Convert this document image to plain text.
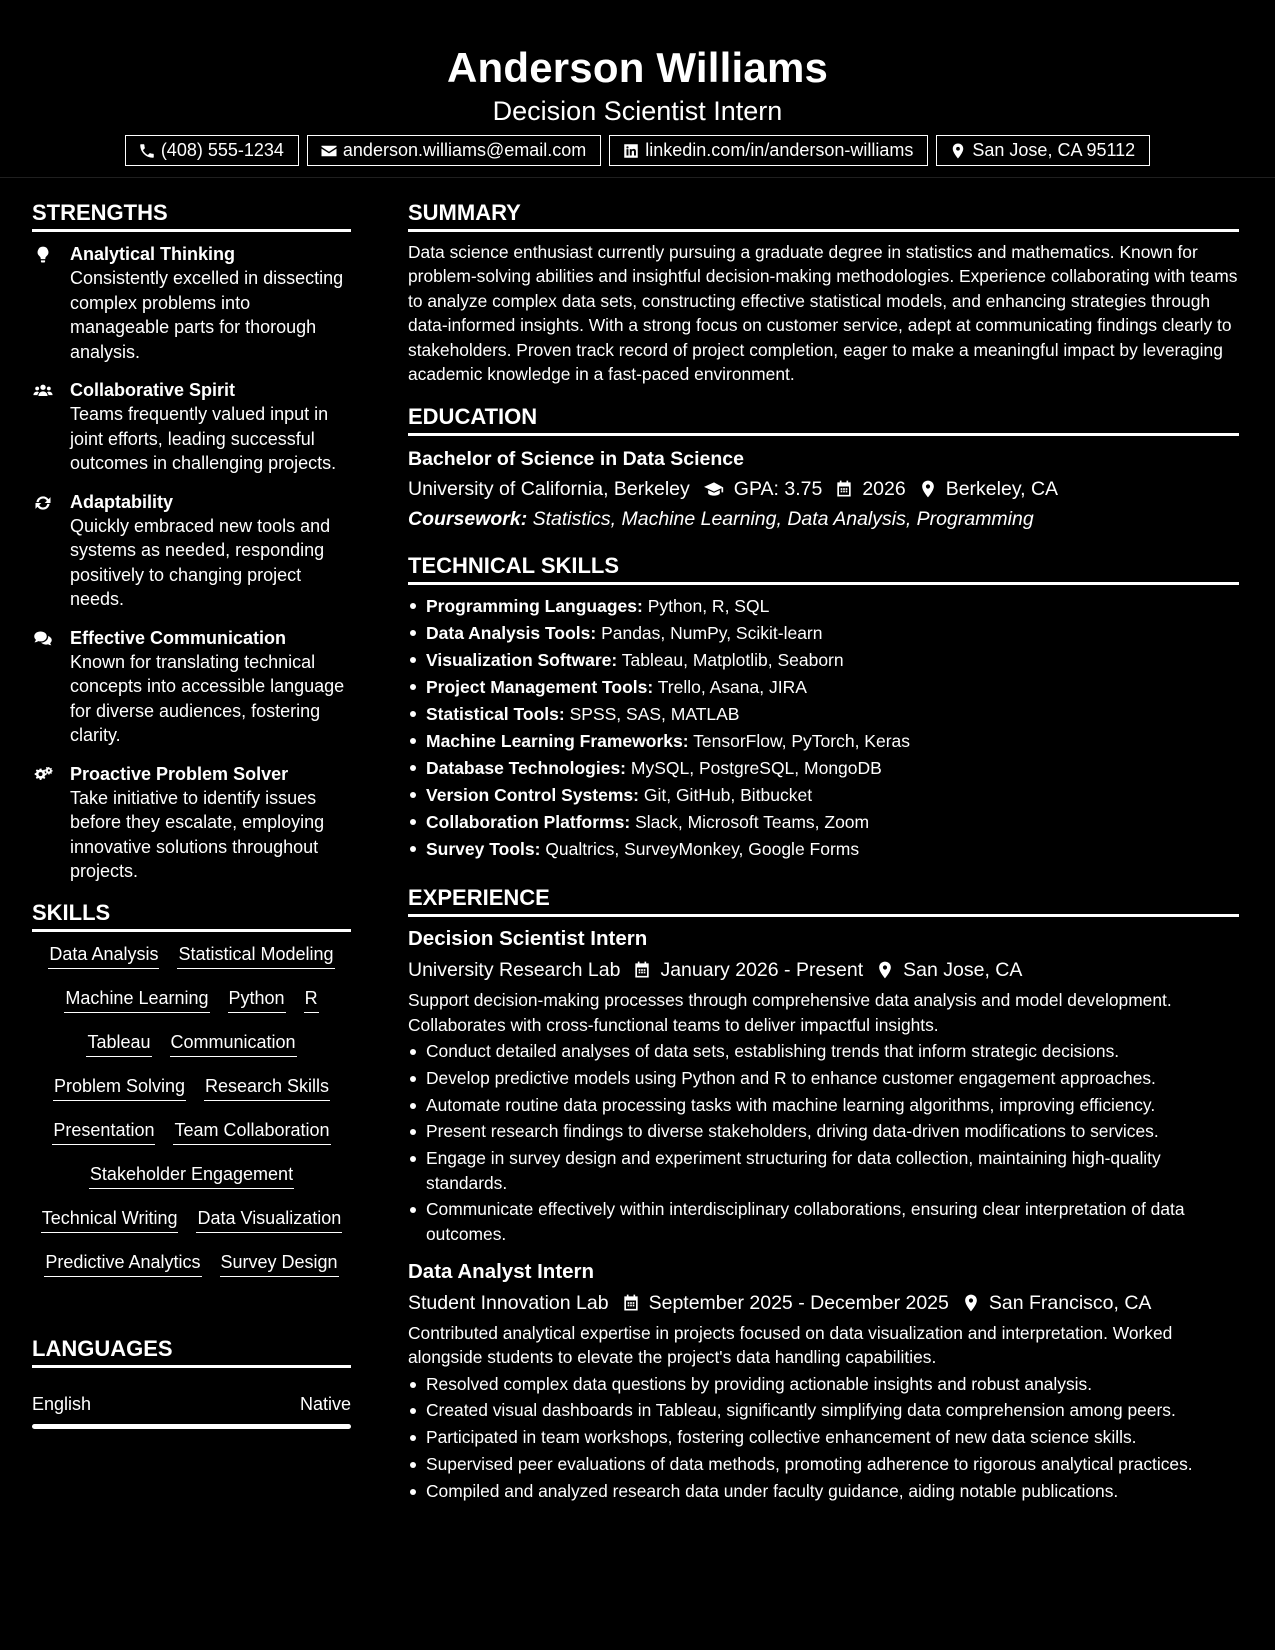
Anderson Williams
Decision Scientist Intern
(408) 555-1234	anderson.williams@email.com	linkedin.com/in/anderson-williams	San Jose, CA 95112
STRENGTHS
Analytical Thinking
Consistently excelled in dissecting complex problems into manageable parts for thorough analysis.
Collaborative Spirit
Teams frequently valued input in joint efforts, leading successful outcomes in challenging projects.
Adaptability
Quickly embraced new tools and systems as needed, responding positively to changing project needs.
Effective Communication
Known for translating technical concepts into accessible language for diverse audiences, fostering clarity.
Proactive Problem Solver
Take initiative to identify issues before they escalate, employing innovative solutions throughout projects.
SKILLS
Data Analysis Statistical Modeling
Machine Learning Python R
Tableau Communication
Problem Solving Research Skills
Presentation Team Collaboration
Stakeholder Engagement
Technical Writing Data Visualization
Predictive Analytics Survey Design
LANGUAGES
English	Native
SUMMARY
Data science enthusiast currently pursuing a graduate degree in statistics and mathematics. Known for problem-solving abilities and insightful decision-making methodologies. Experience collaborating with teams to analyze complex data sets, constructing effective statistical models, and enhancing strategies through data-informed insights. With a strong focus on customer service, adept at communicating findings clearly to stakeholders. Proven track record of project completion, eager to make a meaningful impact by leveraging academic knowledge in a fast-paced environment.
EDUCATION
Bachelor of Science in Data Science
University of California, Berkeley GPA: 3.75 2026 Berkeley, CA
Coursework: Statistics, Machine Learning, Data Analysis, Programming
TECHNICAL SKILLS
Programming Languages: Python, R, SQL
Data Analysis Tools: Pandas, NumPy, Scikit-learn
Visualization Software: Tableau, Matplotlib, Seaborn
Project Management Tools: Trello, Asana, JIRA
Statistical Tools: SPSS, SAS, MATLAB
Machine Learning Frameworks: TensorFlow, PyTorch, Keras
Database Technologies: MySQL, PostgreSQL, MongoDB
Version Control Systems: Git, GitHub, Bitbucket
Collaboration Platforms: Slack, Microsoft Teams, Zoom
Survey Tools: Qualtrics, SurveyMonkey, Google Forms
EXPERIENCE
Decision Scientist Intern
University Research Lab January 2026 - Present San Jose, CA
Support decision-making processes through comprehensive data analysis and model development. Collaborates with cross-functional teams to deliver impactful insights.
Conduct detailed analyses of data sets, establishing trends that inform strategic decisions.
Develop predictive models using Python and R to enhance customer engagement approaches.
Automate routine data processing tasks with machine learning algorithms, improving efficiency.
Present research findings to diverse stakeholders, driving data-driven modifications to services.
Engage in survey design and experiment structuring for data collection, maintaining high-quality standards.
Communicate effectively within interdisciplinary collaborations, ensuring clear interpretation of data outcomes.
Data Analyst Intern
Student Innovation Lab September 2025 - December 2025 San Francisco, CA
Contributed analytical expertise in projects focused on data visualization and interpretation. Worked alongside students to elevate the project's data handling capabilities.
Resolved complex data questions by providing actionable insights and robust analysis.
Created visual dashboards in Tableau, significantly simplifying data comprehension among peers.
Participated in team workshops, fostering collective enhancement of new data science skills.
Supervised peer evaluations of data methods, promoting adherence to rigorous analytical practices.
Compiled and analyzed research data under faculty guidance, aiding notable publications.
